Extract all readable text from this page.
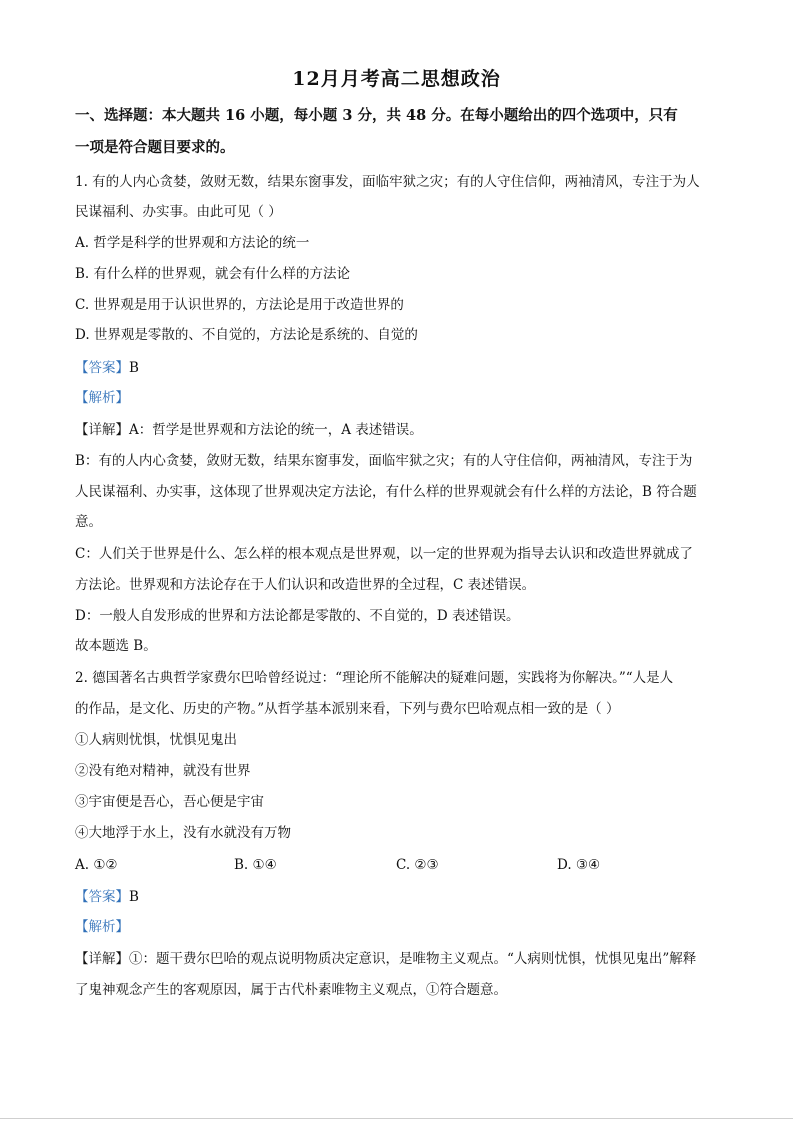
12月月考高二思想政治
一、选择题：本大题共 16 小题，每小题 3 分，共 48 分。在每小题给出的四个选项中，只有
一项是符合题目要求的。
1. 有的人内心贪婪，敛财无数，结果东窗事发，面临牢狱之灾；有的人守住信仰，两袖清风，专注于为人
民谋福利、办实事。由此可见（ ）
A. 哲学是科学的世界观和方法论的统一
B. 有什么样的世界观，就会有什么样的方法论
C. 世界观是用于认识世界的，方法论是用于改造世界的
D. 世界观是零散的、不自觉的，方法论是系统的、自觉的
【答案】B
【解析】
【详解】A：哲学是世界观和方法论的统一，A 表述错误。
B：有的人内心贪婪，敛财无数，结果东窗事发，面临牢狱之灾；有的人守住信仰，两袖清风，专注于为
人民谋福利、办实事，这体现了世界观决定方法论，有什么样的世界观就会有什么样的方法论，B 符合题
意。
C：人们关于世界是什么、怎么样的根本观点是世界观，以一定的世界观为指导去认识和改造世界就成了
方法论。世界观和方法论存在于人们认识和改造世界的全过程，C 表述错误。
D：一般人自发形成的世界和方法论都是零散的、不自觉的，D 表述错误。
故本题选 B。
2. 德国著名古典哲学家费尔巴哈曾经说过：“理论所不能解决的疑难问题，实践将为你解决。”“人是人
的作品，是文化、历史的产物。”从哲学基本派别来看，下列与费尔巴哈观点相一致的是（ ）
①人病则忧惧，忧惧见鬼出
②没有绝对精神，就没有世界
③宇宙便是吾心，吾心便是宇宙
④大地浮于水上，没有水就没有万物
A. ①②	B. ①④	C. ②③	D. ③④
【答案】B
【解析】
【详解】①：题干费尔巴哈的观点说明物质决定意识，是唯物主义观点。“人病则忧惧，忧惧见鬼出”解释
了鬼神观念产生的客观原因，属于古代朴素唯物主义观点，①符合题意。
